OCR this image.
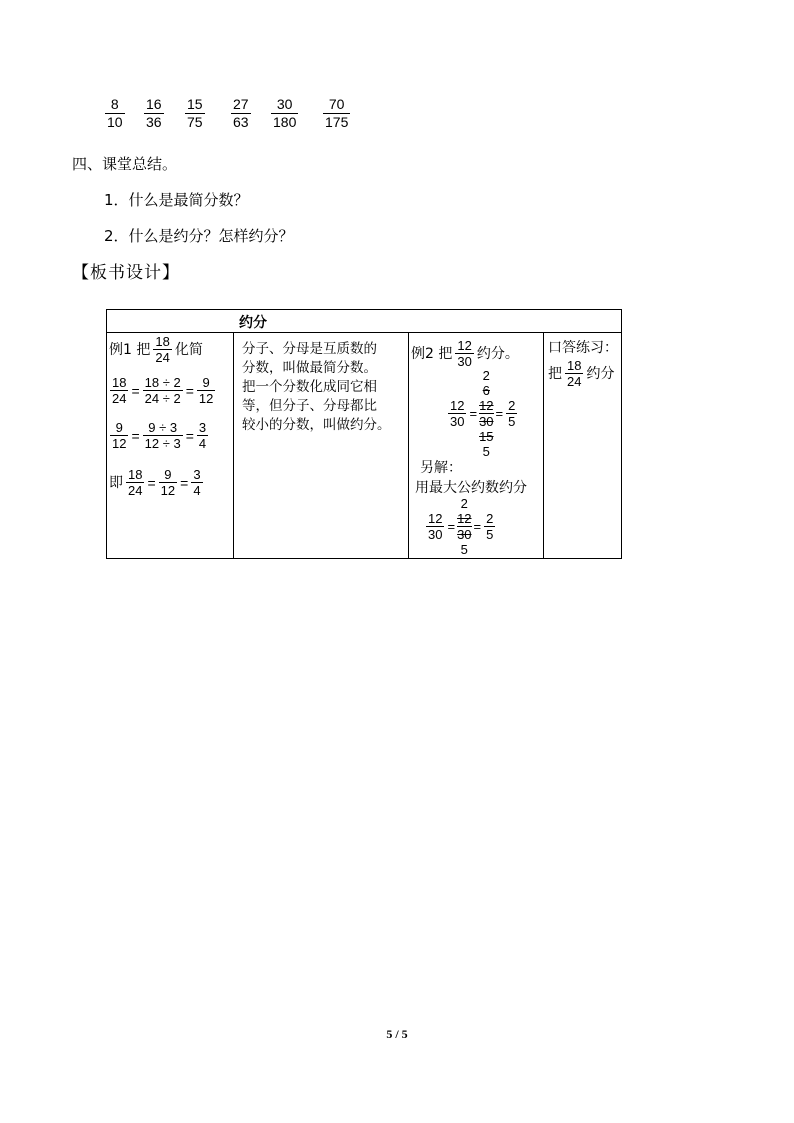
$\frac{8}{10} \frac{16}{36} \frac{15}{75} \frac{27}{63} \frac{30}{180} \frac{70}{175}$
四、课堂总结。
1．什么是最简分数？
2．什么是约分？怎样约分？
【板书设计】
约分
例1 把 $\frac{18}{24}$ 化简
$\frac{18}{24} = \frac{18 \div 2}{24 \div 2} = \frac{9}{12}$
$\frac{9}{12} = \frac{9 \div 3}{12 \div 3} = \frac{3}{4}$
即 $\frac{18}{24} = \frac{9}{12} = \frac{3}{4}$
分子、分母是互质数的
分数，叫做最简分数。
把一个分数化成同它相
等，但分子、分母都比
较小的分数，叫做约分。
例2 把 $\frac{12}{30}$ 约分。
$\frac{12}{30}$ =
2
6
12
30
15
5
= $\frac{2}{5}$
另解：
用最大公约数约分
$\frac{12}{30}$ =
2
12
30
5
= $\frac{2}{5}$
口答练习：
把 $\frac{18}{24}$ 约分
5 / 5
